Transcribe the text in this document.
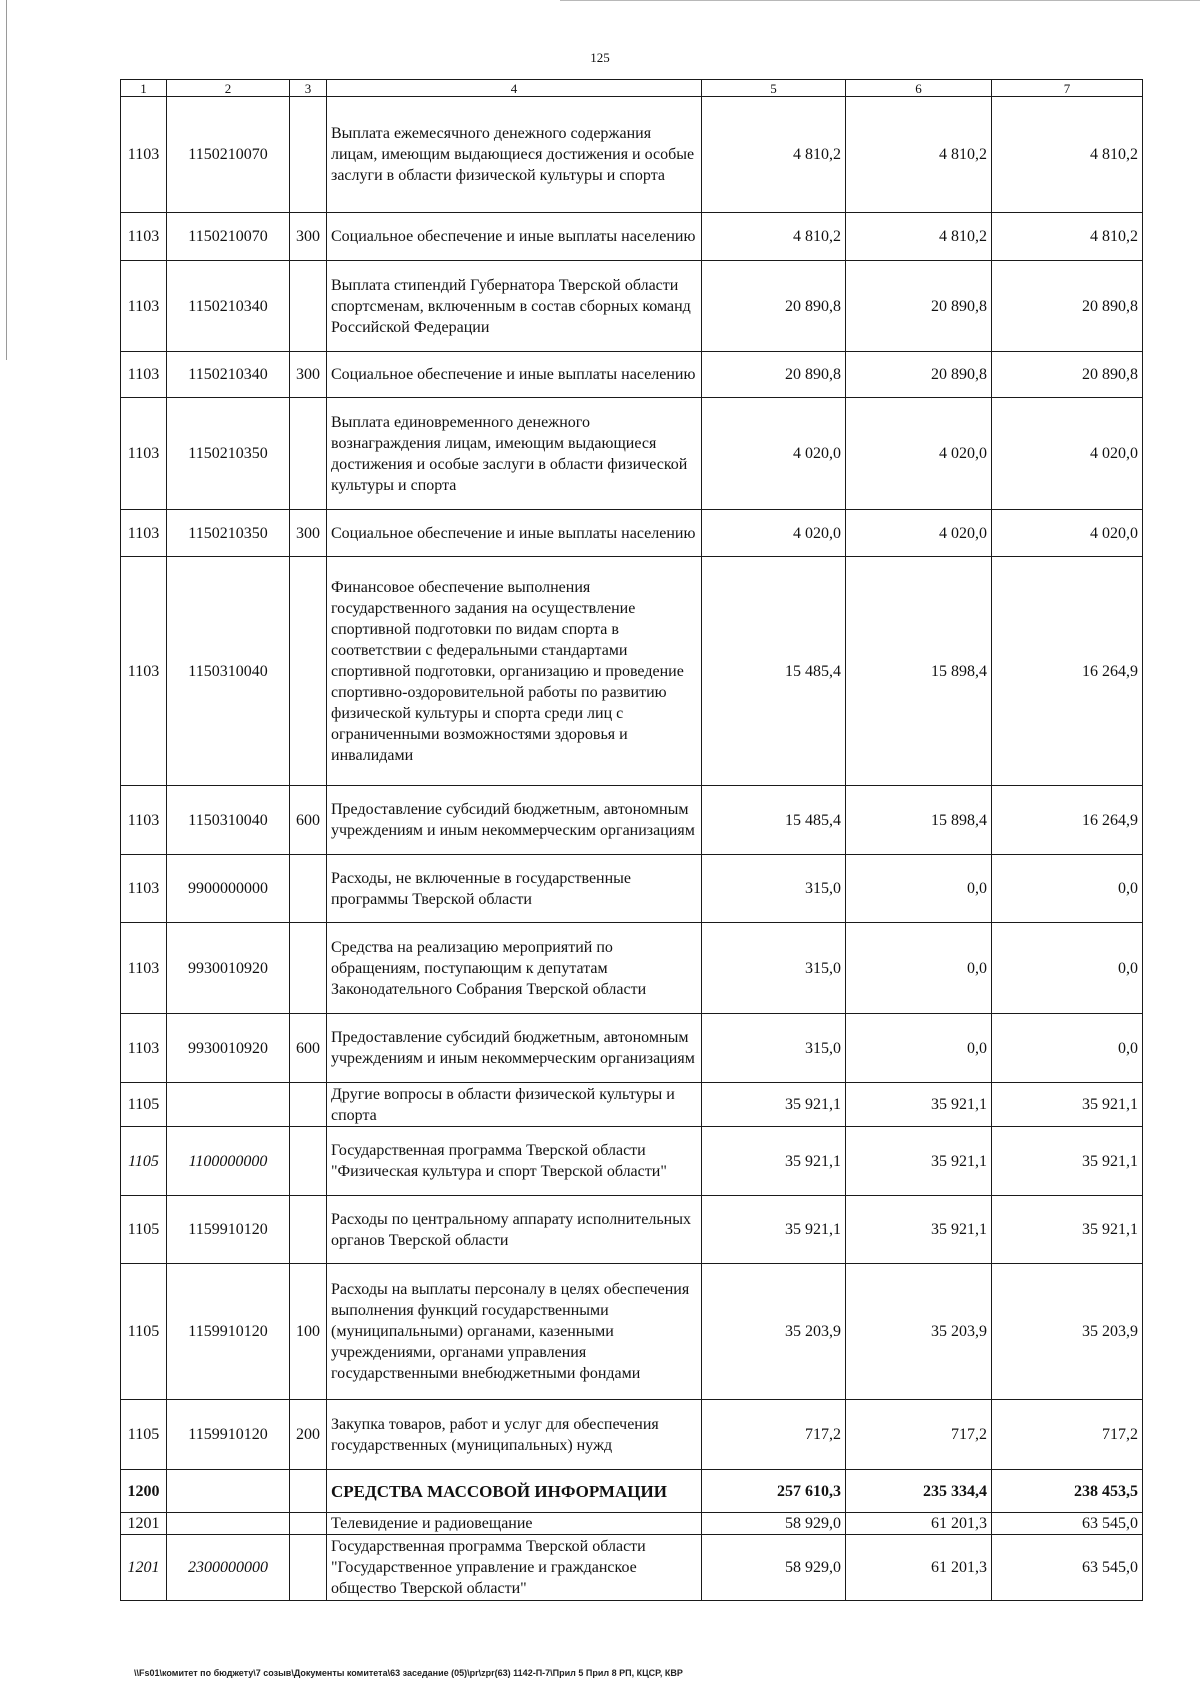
125
1	2	3	4	5	6	7
1103	1150210070		Выплата ежемесячного денежного содержания лицам, имеющим выдающиеся достижения и особые заслуги в области физической культуры и спорта	4 810,2	4 810,2	4 810,2
1103	1150210070	300	Социальное обеспечение и иные выплаты населению	4 810,2	4 810,2	4 810,2
1103	1150210340		Выплата стипендий Губернатора Тверской области спортсменам, включенным в состав сборных команд Российской Федерации	20 890,8	20 890,8	20 890,8
1103	1150210340	300	Социальное обеспечение и иные выплаты населению	20 890,8	20 890,8	20 890,8
1103	1150210350		Выплата единовременного денежного вознаграждения лицам, имеющим выдающиеся достижения и особые заслуги в области физической культуры и спорта	4 020,0	4 020,0	4 020,0
1103	1150210350	300	Социальное обеспечение и иные выплаты населению	4 020,0	4 020,0	4 020,0
1103	1150310040		Финансовое обеспечение выполнения государственного задания на осуществление спортивной подготовки по видам спорта в соответствии с федеральными стандартами спортивной подготовки, организацию и проведение спортивно-оздоровительной работы по развитию физической культуры и спорта среди лиц с ограниченными возможностями здоровья и инвалидами	15 485,4	15 898,4	16 264,9
1103	1150310040	600	Предоставление субсидий бюджетным, автономным учреждениям и иным некоммерческим организациям	15 485,4	15 898,4	16 264,9
1103	9900000000		Расходы, не включенные в государственные программы Тверской области	315,0	0,0	0,0
1103	9930010920		Средства на реализацию мероприятий по обращениям, поступающим к депутатам Законодательного Собрания Тверской области	315,0	0,0	0,0
1103	9930010920	600	Предоставление субсидий бюджетным, автономным учреждениям и иным некоммерческим организациям	315,0	0,0	0,0
1105			Другие вопросы в области физической культуры и спорта	35 921,1	35 921,1	35 921,1
1105	1100000000		Государственная программа Тверской области "Физическая культура и спорт Тверской области"	35 921,1	35 921,1	35 921,1
1105	1159910120		Расходы по центральному аппарату исполнительных органов Тверской области	35 921,1	35 921,1	35 921,1
1105	1159910120	100	Расходы на выплаты персоналу в целях обеспечения выполнения функций государственными (муниципальными) органами, казенными учреждениями, органами управления государственными внебюджетными фондами	35 203,9	35 203,9	35 203,9
1105	1159910120	200	Закупка товаров, работ и услуг для обеспечения государственных (муниципальных) нужд	717,2	717,2	717,2
1200			СРЕДСТВА МАССОВОЙ ИНФОРМАЦИИ	257 610,3	235 334,4	238 453,5
1201			Телевидение и радиовещание	58 929,0	61 201,3	63 545,0
1201	2300000000		Государственная программа Тверской области "Государственное управление и гражданское общество Тверской области"	58 929,0	61 201,3	63 545,0
\\Fs01\комитет по бюджету\7 созыв\Документы комитета\63 заседание (05)\pr\zpr(63) 1142-П-7\Прил 5 Прил 8 РП, КЦСР, КВР
